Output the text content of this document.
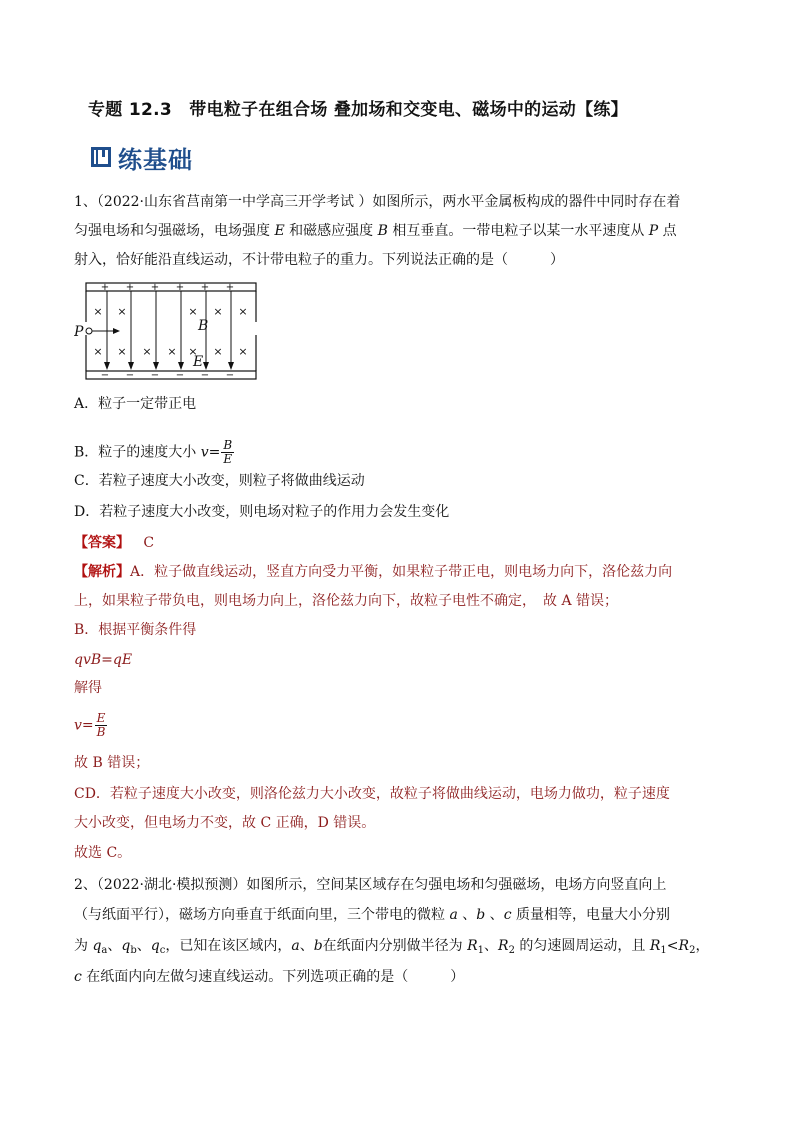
专题 12.3　带电粒子在组合场 叠加场和交变电、磁场中的运动【练】
练基础
1、（2022·山东省莒南第一中学高三开学考试 ）如图所示，两水平金属板构成的器件中同时存在着
匀强电场和匀强磁场，电场强度 E 和磁感应强度 B 相互垂直。一带电粒子以某一水平速度从 P 点
射入，恰好能沿直线运动，不计带电粒子的重力。下列说法正确的是（　　　）
+ + + + + +
− − − − − −
× ×	× × ×
× × × × × × ×
P	B
E
A．粒子一定带正电
B．粒子的速度大小 $v= \frac{B}{E}$
C．若粒子速度大小改变，则粒子将做曲线运动
D．若粒子速度大小改变，则电场对粒子的作用力会发生变化
【答案】 C
【解析】A．粒子做直线运动，竖直方向受力平衡，如果粒子带正电，则电场力向下，洛伦兹力向
上，如果粒子带负电，则电场力向上，洛伦兹力向下，故粒子电性不确定，　故 A 错误；
B．根据平衡条件得
qvB=qE
解得
$v= \frac{E}{B}$
故 B 错误；
CD．若粒子速度大小改变，则洛伦兹力大小改变，故粒子将做曲线运动，电场力做功，粒子速度
大小改变，但电场力不变，故 C 正确，D 错误。
故选 C。
2、（2022·湖北·模拟预测）如图所示，空间某区域存在匀强电场和匀强磁场，电场方向竖直向上
（与纸面平行），磁场方向垂直于纸面向里，三个带电的微粒 a 、b 、c 质量相等，电量大小分别
为 $q_a$、$q_b$、$q_c$，已知在该区域内，a、b在纸面内分别做半径为 $R_1$、$R_2$ 的匀速圆周运动，且 $R_1<R_2$，
c 在纸面内向左做匀速直线运动。下列选项正确的是（　　　）
